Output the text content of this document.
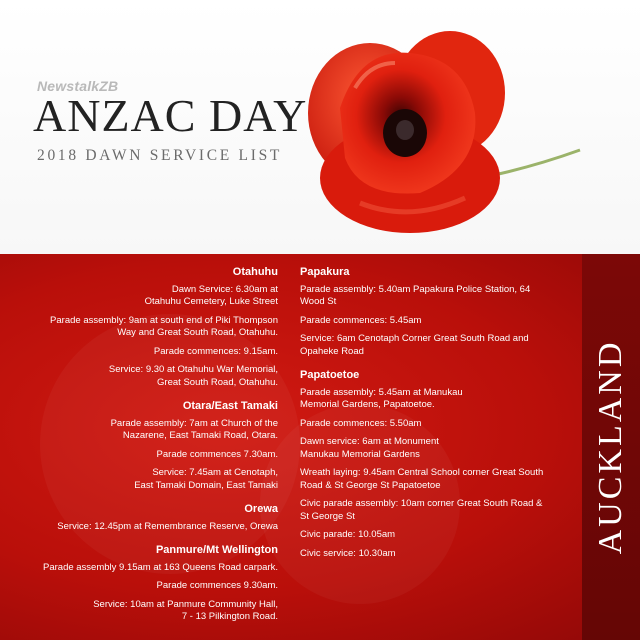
NewstalkZB
ANZAC DAY
2018 DAWN SERVICE LIST
Otahuhu
Dawn Service: 6.30am at
Otahuhu Cemetery, Luke Street
Parade assembly: 9am at south end of Piki Thompson
Way and Great South Road, Otahuhu.
Parade commences: 9.15am.
Service: 9.30 at Otahuhu War Memorial,
Great South Road, Otahuhu.
Otara/East Tamaki
Parade assembly: 7am at Church of the
Nazarene, East Tamaki Road, Otara.
Parade commences 7.30am.
Service: 7.45am at Cenotaph,
East Tamaki Domain, East Tamaki
Orewa
Service: 12.45pm at Remembrance Reserve, Orewa
Panmure/Mt Wellington
Parade assembly 9.15am at 163 Queens Road carpark.
Parade commences 9.30am.
Service: 10am at Panmure Community Hall,
7 - 13 Pilkington Road.
Papakura
Parade assembly: 5.40am Papakura Police Station, 64
Wood St
Parade commences: 5.45am
Service: 6am Cenotaph Corner Great South Road and
Opaheke Road
Papatoetoe
Parade assembly: 5.45am at Manukau
Memorial Gardens, Papatoetoe.
Parade commences: 5.50am
Dawn service: 6am at Monument
Manukau Memorial Gardens
Wreath laying: 9.45am Central School corner Great South
Road & St George St Papatoetoe
Civic parade assembly: 10am corner Great South Road &
St George St
Civic parade: 10.05am
Civic service: 10.30am	AUCKLAND
